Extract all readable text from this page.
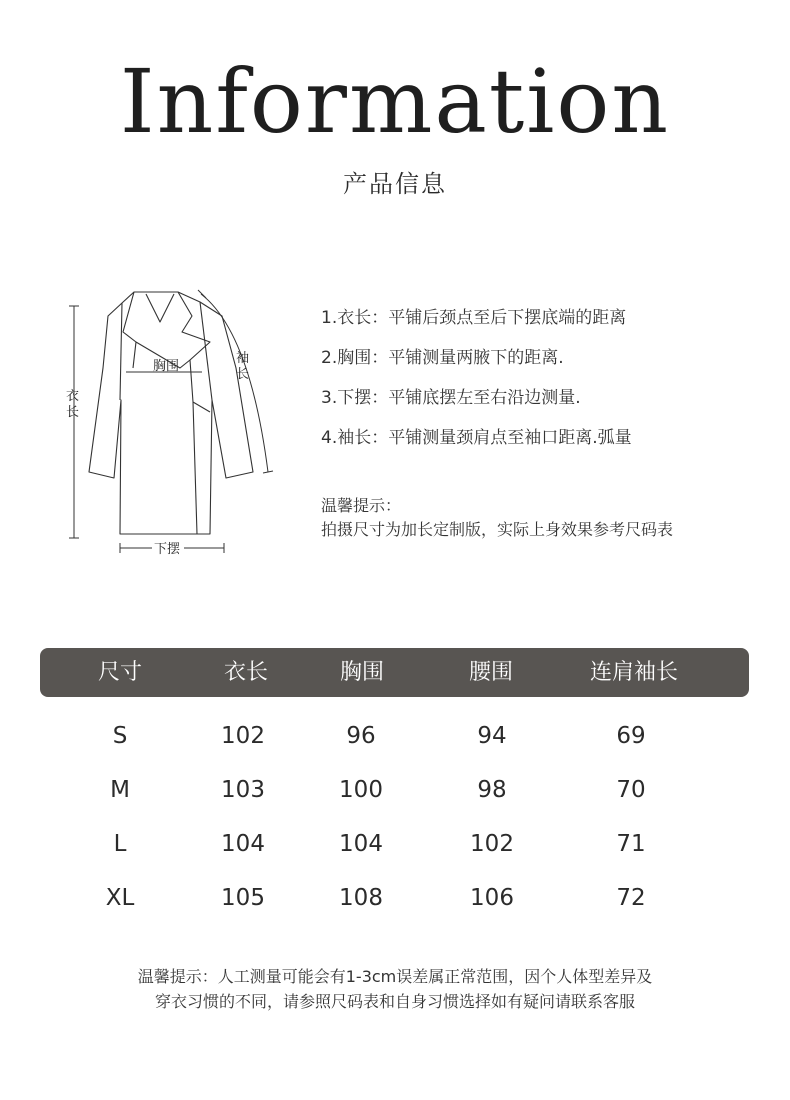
Information
产品信息
胸围
衣
长
袖
长
下摆
1.衣长：平铺后颈点至后下摆底端的距离
2.胸围：平铺测量两腋下的距离.
3.下摆：平铺底摆左至右沿边测量.
4.袖长：平铺测量颈肩点至袖口距离.弧量
温馨提示：
拍摄尺寸为加长定制版，实际上身效果参考尺码表
尺寸	衣长	胸围	腰围	连肩袖长
S	102	96	94	69
M	103	100	98	70
L	104	104	102	71
XL	105	108	106	72
温馨提示：人工测量可能会有1-3cm误差属正常范围，因个人体型差异及
穿衣习惯的不同，请参照尺码表和自身习惯选择如有疑问请联系客服
